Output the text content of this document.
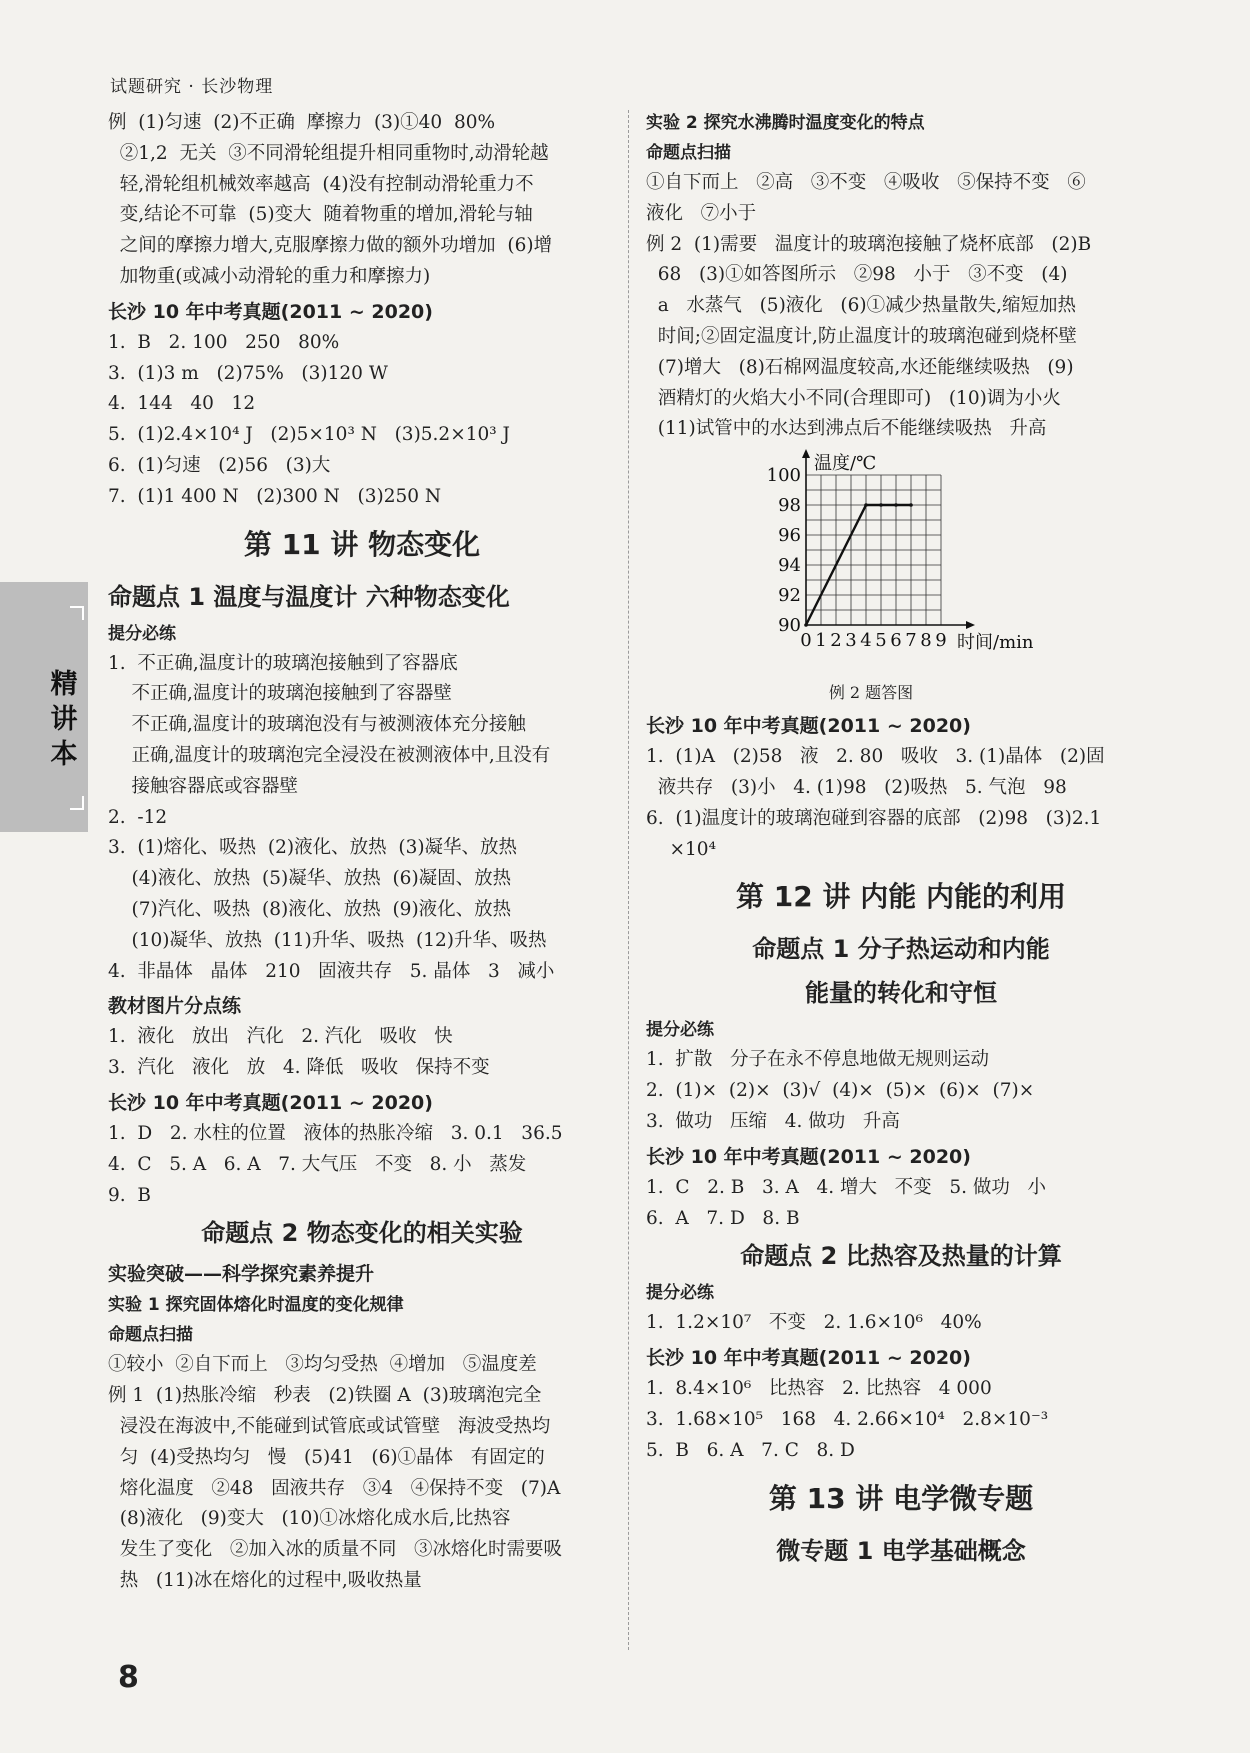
试题研究 · 长沙物理
精
讲
本
例  (1)匀速  (2)不正确  摩擦力  (3)①40  80%
②1,2  无关  ③不同滑轮组提升相同重物时,动滑轮越
轻,滑轮组机械效率越高  (4)没有控制动滑轮重力不
变,结论不可靠  (5)变大  随着物重的增加,滑轮与轴
之间的摩擦力增大,克服摩擦力做的额外功增加  (6)增
加物重(或减小动滑轮的重力和摩擦力)
长沙 10 年中考真题(2011 ~ 2020)
1.  B   2. 100   250   80%
3.  (1)3 m   (2)75%   (3)120 W
4.  144   40   12
5.  (1)2.4×10⁴ J   (2)5×10³ N   (3)5.2×10³ J
6.  (1)匀速   (2)56   (3)大
7.  (1)1 400 N   (2)300 N   (3)250 N
第 11 讲 物态变化
命题点 1 温度与温度计 六种物态变化
提分必练
1.  不正确,温度计的玻璃泡接触到了容器底
不正确,温度计的玻璃泡接触到了容器壁
不正确,温度计的玻璃泡没有与被测液体充分接触
正确,温度计的玻璃泡完全浸没在被测液体中,且没有
接触容器底或容器壁
2.  -12
3.  (1)熔化、吸热  (2)液化、放热  (3)凝华、放热
(4)液化、放热  (5)凝华、放热  (6)凝固、放热
(7)汽化、吸热  (8)液化、放热  (9)液化、放热
(10)凝华、放热  (11)升华、吸热  (12)升华、吸热
4.  非晶体   晶体   210   固液共存   5. 晶体   3   减小
教材图片分点练
1.  液化   放出   汽化   2. 汽化   吸收   快
3.  汽化   液化   放   4. 降低   吸收   保持不变
长沙 10 年中考真题(2011 ~ 2020)
1.  D   2. 水柱的位置   液体的热胀冷缩   3. 0.1   36.5
4.  C   5. A   6. A   7. 大气压   不变   8. 小   蒸发
9.  B
命题点 2 物态变化的相关实验
实验突破——科学探究素养提升
实验 1 探究固体熔化时温度的变化规律
命题点扫描
①较小  ②自下而上   ③均匀受热  ④增加   ⑤温度差
例 1  (1)热胀冷缩   秒表   (2)铁圈 A  (3)玻璃泡完全
浸没在海波中,不能碰到试管底或试管壁   海波受热均
匀  (4)受热均匀   慢   (5)41   (6)①晶体   有固定的
熔化温度   ②48   固液共存   ③4   ④保持不变   (7)A
(8)液化   (9)变大   (10)①冰熔化成水后,比热容
发生了变化   ②加入冰的质量不同   ③冰熔化时需要吸
热   (11)冰在熔化的过程中,吸收热量
实验 2 探究水沸腾时温度变化的特点
命题点扫描
①自下而上   ②高   ③不变   ④吸收   ⑤保持不变   ⑥
液化   ⑦小于
例 2  (1)需要   温度计的玻璃泡接触了烧杯底部   (2)B
68   (3)①如答图所示   ②98   小于   ③不变   (4)
a   水蒸气   (5)液化   (6)①减少热量散失,缩短加热
时间;②固定温度计,防止温度计的玻璃泡碰到烧杯壁
(7)增大   (8)石棉网温度较高,水还能继续吸热   (9)
酒精灯的火焰大小不同(合理即可)   (10)调为小火
(11)试管中的水达到沸点后不能继续吸热   升高
90
92
94
96
98
100
0 1 2 3 4 5 6 7 8 9
温度/℃
时间/min
例 2 题答图
长沙 10 年中考真题(2011 ~ 2020)
1.  (1)A   (2)58   液   2. 80   吸收   3. (1)晶体   (2)固
液共存   (3)小   4. (1)98   (2)吸热   5. 气泡   98
6.  (1)温度计的玻璃泡碰到容器的底部   (2)98   (3)2.1
×10⁴
第 12 讲 内能 内能的利用
命题点 1 分子热运动和内能
能量的转化和守恒
提分必练
1.  扩散   分子在永不停息地做无规则运动
2.  (1)×  (2)×  (3)√  (4)×  (5)×  (6)×  (7)×
3.  做功   压缩   4. 做功   升高
长沙 10 年中考真题(2011 ~ 2020)
1.  C   2. B   3. A   4. 增大   不变   5. 做功   小
6.  A   7. D   8. B
命题点 2 比热容及热量的计算
提分必练
1.  1.2×10⁷   不变   2. 1.6×10⁶   40%
长沙 10 年中考真题(2011 ~ 2020)
1.  8.4×10⁶   比热容   2. 比热容   4 000
3.  1.68×10⁵   168   4. 2.66×10⁴   2.8×10⁻³
5.  B   6. A   7. C   8. D
第 13 讲 电学微专题
微专题 1 电学基础概念
8
